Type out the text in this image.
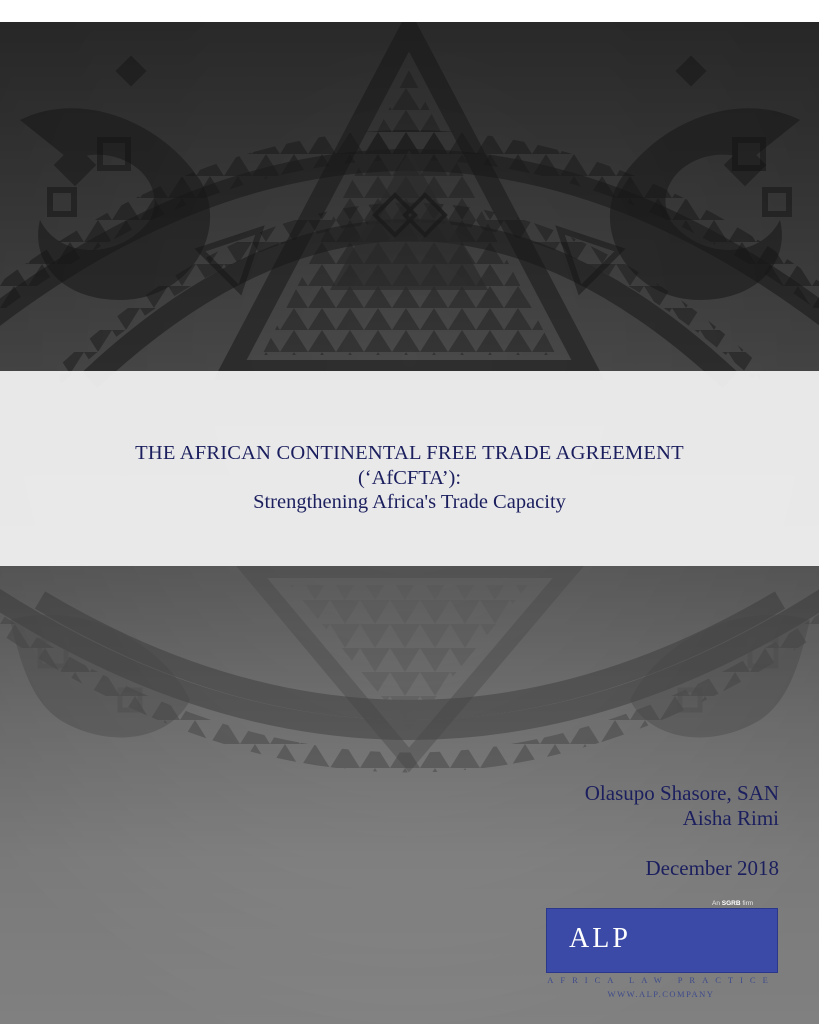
THE AFRICAN CONTINENTAL FREE TRADE AGREEMENT
(‘AfCFTA’):
Strengthening Africa's Trade Capacity
Olasupo Shasore, SAN
Aisha Rimi
December 2018
An SGRB firm
ALP
AFRICA LAW PRACTICE
WWW.ALP.COMPANY
